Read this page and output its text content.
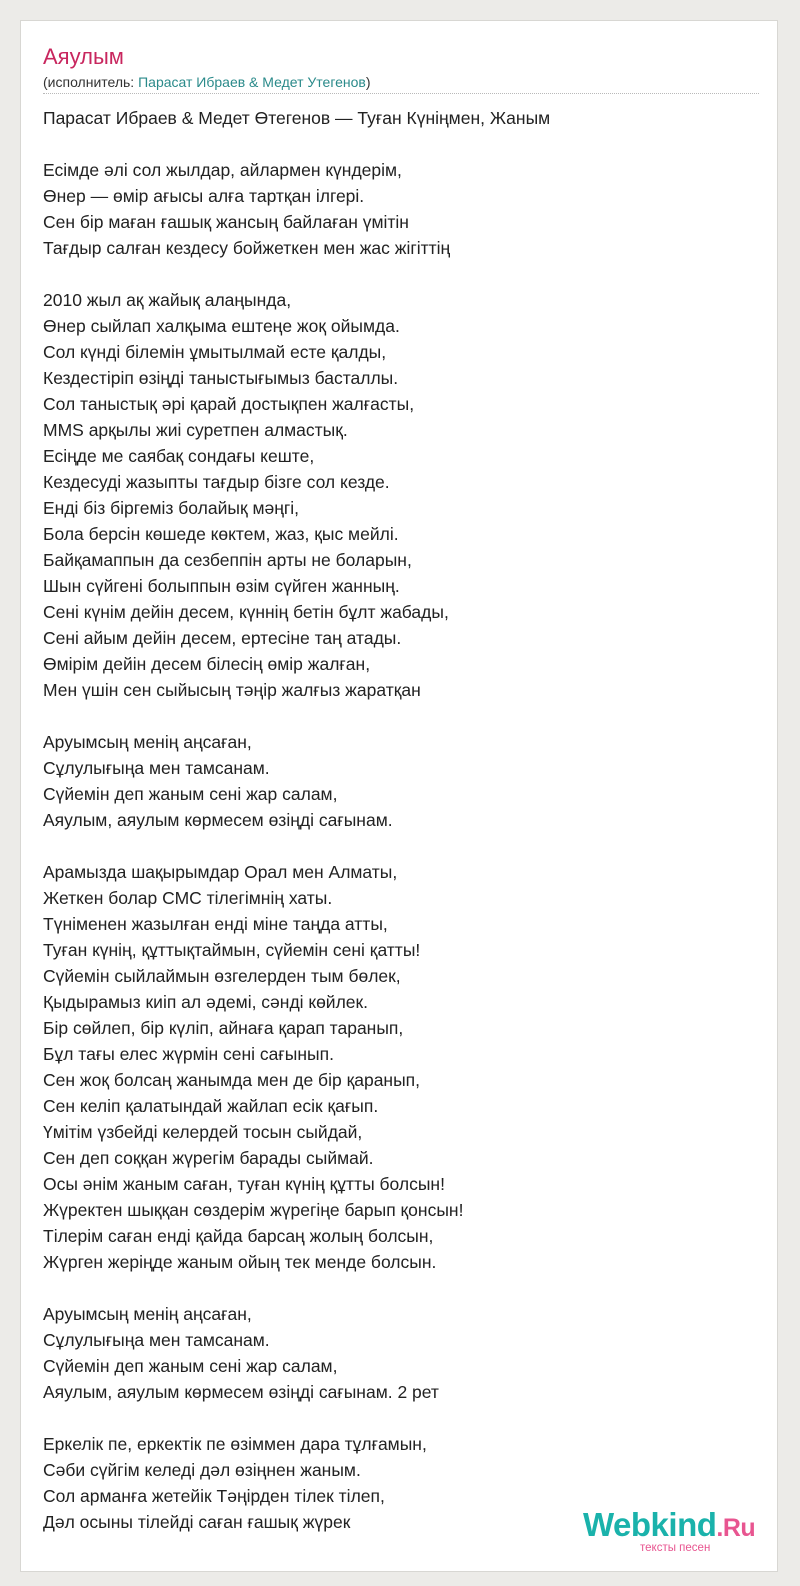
Аяулым
(исполнитель: Парасат Ибраев & Медет Утегенов)
Парасат Ибраев & Медет Өтегенов — Туған Күніңмен, Жаным
Есімде әлі сол жылдар, айлармен күндерім,
Өнер — өмір ағысы алға тартқан ілгері.
Сен бір маған ғашық жансың байлаған үмітін
Тағдыр салған кездесу бойжеткен мен жас жігіттің
2010 жыл ақ жайық алаңында,
Өнер сыйлап халқыма ештеңе жоқ ойымда.
Сол күнді білемін ұмытылмай есте қалды,
Кездестіріп өзіңді таныстығымыз басталлы.
Сол таныстық әрі қарай достықпен жалғасты,
MMS арқылы жиі суретпен алмастық.
Есіңде ме саябақ сондағы кеште,
Кездесуді жазыпты тағдыр бізге сол кезде.
Енді біз біргеміз болайық мәңгі,
Бола берсін көшеде көктем, жаз, қыс мейлі.
Байқамаппын да сезбеппін арты не боларын,
Шын сүйгені болыппын өзім сүйген жанның.
Сені күнім дейін десем, күннің бетін бұлт жабады,
Сені айым дейін десем, ертесіне таң атады.
Өмірім дейін десем білесің өмір жалған,
Мен үшін сен сыйысың тәңір жалғыз жаратқан
Аруымсың менің аңсаған,
Сұлулығыңа мен тамсанам.
Сүйемін деп жаным сені жар салам,
Аяулым, аяулым көрмесем өзіңді сағынам.
Арамызда шақырымдар Орал мен Алматы,
Жеткен болар СМС тілегімнің хаты.
Түніменен жазылған енді міне таңда атты,
Туған күнің, құттықтаймын, сүйемін сені қатты!
Сүйемін сыйлаймын өзгелерден тым бөлек,
Қыдырамыз киіп ал әдемі, сәнді көйлек.
Бір сөйлеп, бір күліп, айнаға қарап таранып,
Бұл тағы елес жүрмін сені сағынып.
Сен жоқ болсаң жанымда мен де бір қаранып,
Сен келіп қалатындай жайлап есік қағып.
Үмітім үзбейді келердей тосын сыйдай,
Сен деп соққан жүрегім барады сыймай.
Осы әнім жаным саған, туған күнің құтты болсын!
Жүректен шыққан сөздерім жүрегіңе барып қонсын!
Тілерім саған енді қайда барсаң жолың болсын,
Жүрген жеріңде жаным ойың тек менде болсын.
Аруымсың менің аңсаған,
Сұлулығыңа мен тамсанам.
Сүйемін деп жаным сені жар салам,
Аяулым, аяулым көрмесем өзіңді сағынам. 2 рет
Еркелік пе, еркектік пе өзіммен дара тұлғамын,
Сәби сүйгім келеді дәл өзіңнен жаным.
Сол арманға жетейік Тәңірден тілек тілеп,
Дәл осыны тілейді саған ғашық жүрек	Webkind.Ru
тексты песен
